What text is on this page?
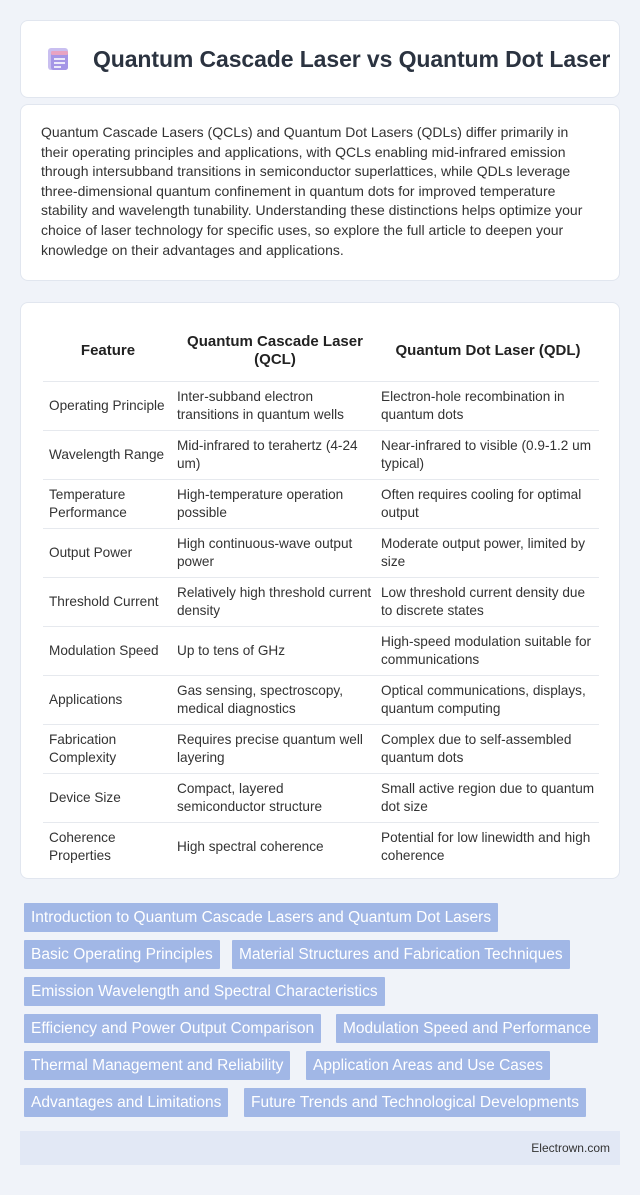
Quantum Cascade Laser vs Quantum Dot Laser

Quantum Cascade Lasers (QCLs) and Quantum Dot Lasers (QDLs) differ primarily in their operating principles and applications, with QCLs enabling mid-infrared emission through intersubband transitions in semiconductor superlattices, while QDLs leverage three-dimensional quantum confinement in quantum dots for improved temperature stability and wavelength tunability. Understanding these distinctions helps optimize your choice of laser technology for specific uses, so explore the full article to deepen your knowledge on their advantages and applications.

Feature	Quantum Cascade Laser (QCL)	Quantum Dot Laser (QDL)
Operating Principle	Inter-subband electron transitions in quantum wells	Electron-hole recombination in quantum dots
Wavelength Range	Mid-infrared to terahertz (4-24 um)	Near-infrared to visible (0.9-1.2 um typical)
Temperature Performance	High-temperature operation possible	Often requires cooling for optimal output
Output Power	High continuous-wave output power	Moderate output power, limited by size
Threshold Current	Relatively high threshold current density	Low threshold current density due to discrete states
Modulation Speed	Up to tens of GHz	High-speed modulation suitable for communications
Applications	Gas sensing, spectroscopy, medical diagnostics	Optical communications, displays, quantum computing
Fabrication Complexity	Requires precise quantum well layering	Complex due to self-assembled quantum dots
Device Size	Compact, layered semiconductor structure	Small active region due to quantum dot size
Coherence Properties	High spectral coherence	Potential for low linewidth and high coherence
Introduction to Quantum Cascade Lasers and Quantum Dot Lasers
Basic Operating Principles	Material Structures and Fabrication Techniques
Emission Wavelength and Spectral Characteristics
Efficiency and Power Output Comparison	Modulation Speed and Performance
Thermal Management and Reliability	Application Areas and Use Cases
Advantages and Limitations	Future Trends and Technological Developments
Electrown.com
